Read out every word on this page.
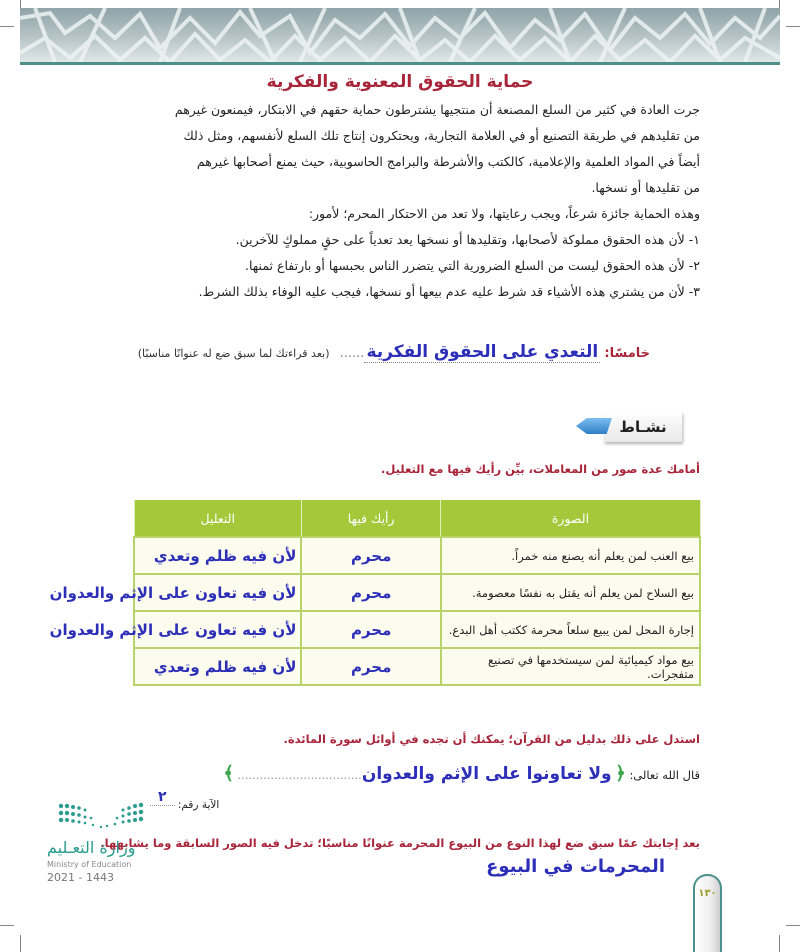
حماية الحقوق المعنوية والفكرية
جرت العادة في كثير من السلع المصنعة أن منتجيها يشترطون حماية حقهم في الابتكار، فيمنعون غيرهم
من تقليدهم في طريقة التصنيع أو في العلامة التجارية، ويحتكرون إنتاج تلك السلع لأنفسهم، ومثل ذلك
أيضاً في المواد العلمية والإعلامية، كالكتب والأشرطة والبرامج الحاسوبية، حيث يمنع أصحابها غيرهم
من تقليدها أو نسخها.
وهذه الحماية جائزة شرعاً، ويجب رعايتها، ولا تعد من الاحتكار المحرم؛ لأمور:
١- لأن هذه الحقوق مملوكة لأصحابها، وتقليدها أو نسخها يعد تعدياً على حقٍ مملوكٍ للآخرين.
٢- لأن هذه الحقوق ليست من السلع الضرورية التي يتضرر الناس بحبسها أو بارتفاع ثمنها.
٣- لأن من يشتري هذه الأشياء قد شرط عليه عدم بيعها أو نسخها، فيجب عليه الوفاء بذلك الشرط.
خامسًا: التعدي على الحقوق الفكرية...... (بعد قراءتك لما سبق ضع له عنوانًا مناسبًا)
نشـاط
أمامك عدة صور من المعاملات، بيِّن رأيك فيها مع التعليل.
الصورة	رأيك فيها	التعليل
بيع العنب لمن يعلم أنه يصنع منه خمراً.	محرم	لأن فيه ظلم وتعدي

بيع السلاح لمن يعلم أنه يقتل به نفسًا معصومة.	محرم	لأن فيه تعاون على الإثم والعدوان

إجارة المحل لمن يبيع سلعاً محرمة ككتب أهل البدع.	محرم	لأن فيه تعاون على الإثم والعدوان

بيع مواد كيميائية لمن سيستخدمها في تصنيع متفجرات.	محرم	لأن فيه ظلم وتعدي
استدل على ذلك بدليل من القرآن؛ يمكنك أن تجده في أوائل سورة المائدة.
قال الله تعالى: ﴿ ولا تعاونوا على الإثم والعدوان.................................. ﴾
الآية رقم: ٢
بعد إجابتك عمًا سبق ضع لهذا النوع من البيوع المحرمة عنوانًا مناسبًا؛ تدخل فيه الصور السابقة وما يشابهها.
المحرمات في البيوع
وزارة التعـليم
Ministry of Education
2021 - 1443
١٣٠
